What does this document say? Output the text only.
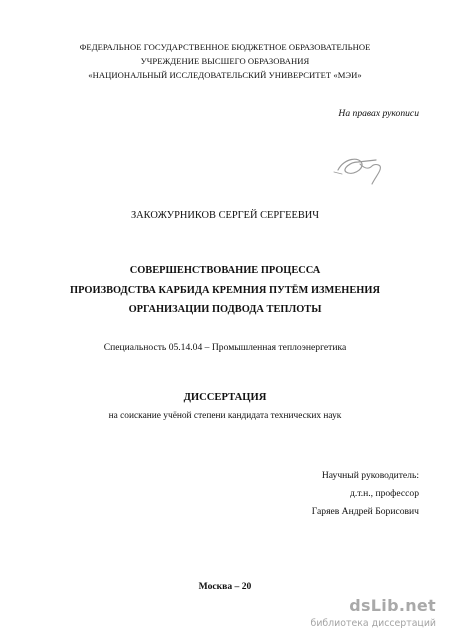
ФЕДЕРАЛЬНОЕ ГОСУДАРСТВЕННОЕ БЮДЖЕТНОЕ ОБРАЗОВАТЕЛЬНОЕ
УЧРЕЖДЕНИЕ ВЫСШЕГО ОБРАЗОВАНИЯ
«НАЦИОНАЛЬНЫЙ ИССЛЕДОВАТЕЛЬСКИЙ УНИВЕРСИТЕТ «МЭИ»
На правах рукописи
ЗАКОЖУРНИКОВ СЕРГЕЙ СЕРГЕЕВИЧ
СОВЕРШЕНСТВОВАНИЕ ПРОЦЕССА
ПРОИЗВОДСТВА КАРБИДА КРЕМНИЯ ПУТЁМ ИЗМЕНЕНИЯ
ОРГАНИЗАЦИИ ПОДВОДА ТЕПЛОТЫ
Специальность 05.14.04 – Промышленная теплоэнергетика
ДИССЕРТАЦИЯ
на соискание учёной степени кандидата технических наук
Научный руководитель:
д.т.н., профессор
Гаряев Андрей Борисович
Москва – 20
dsLib.net
библиотека диссертаций
